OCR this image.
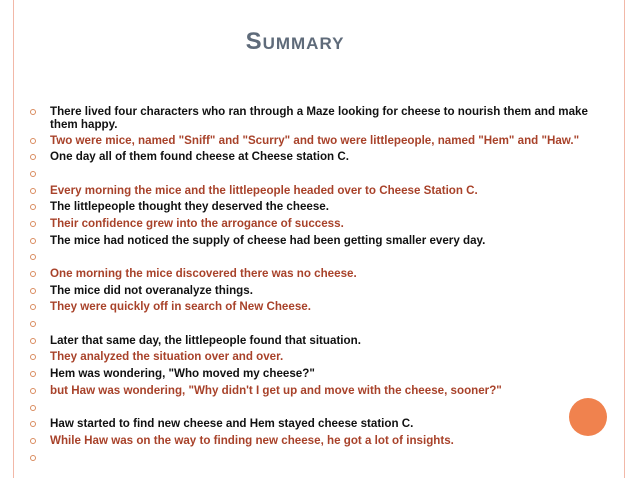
Summary
There lived four characters who ran through a Maze looking for cheese to nourish them and make them happy.
Two were mice, named "Sniff" and "Scurry" and two were littlepeople, named "Hem" and "Haw."
One day all of them found cheese at Cheese station C.
Every morning the mice and the littlepeople headed over to Cheese Station C.
The littlepeople thought they deserved the cheese.
Their confidence grew into the arrogance of success.
The mice had noticed the supply of cheese had been getting smaller every day.
One morning the mice discovered there was no cheese.
The mice did not overanalyze things.
They were quickly off in search of New Cheese.
Later that same day, the littlepeople found that situation.
They analyzed the situation over and over.
Hem was wondering, "Who moved my cheese?"
but Haw was wondering, "Why didn't I get up and move with the cheese, sooner?"
Haw started to find new cheese and Hem stayed cheese station C.
While Haw was on the way to finding new cheese, he got a lot of insights.
